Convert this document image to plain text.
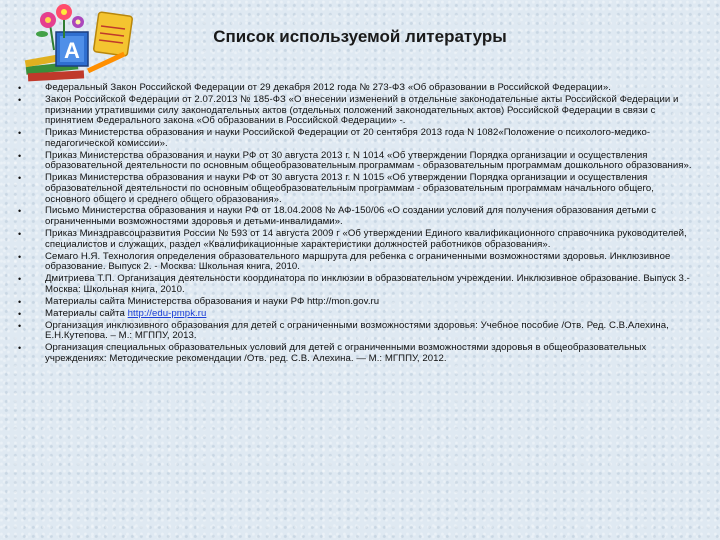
А
Список используемой литературы
• Федеральный Закон Российской Федерации от 29 декабря 2012 года № 273-ФЗ «Об образовании в Российской Федерации».
• Закон Российской Федерации от 2.07.2013 № 185-ФЗ «О внесении изменений в отдельные законодательные акты Российской Федерации и признании утратившими силу законодательных актов (отдельных положений законодательных актов) Российской Федерации в связи с принятием Федерального закона «Об образовании в Российской Федерации» -.
• Приказ Министерства образования и науки Российской Федерации от 20 сентября 2013 года N 1082«Положение о психолого-медико-педагогической комиссии».
• Приказ Министерства образования и науки РФ от 30 августа 2013 г. N 1014 «Об утверждении Порядка организации и осуществления образовательной деятельности по основным общеобразовательным программам - образовательным программам дошкольного образования».
• Приказ Министерства образования и науки РФ от 30 августа 2013 г. N 1015 «Об утверждении Порядка организации и осуществления образовательной деятельности по основным общеобразовательным программам - образовательным программам начального общего, основного общего и среднего общего образования».
• Письмо Министерства образования и науки РФ от 18.04.2008 № АФ-150/06 «О создании условий для получения образования детьми с ограниченными возможностями здоровья и детьми-инвалидами».
• Приказ Минздравсоцразвития России № 593 от 14 августа 2009 г «Об утверждении Единого квалификационного справочника руководителей, специалистов и служащих, раздел «Квалификационные характеристики должностей работников образования».
• Семаго Н.Я. Технология определения образовательного маршрута для ребенка с ограниченными возможностями здоровья. Инклюзивное образование. Выпуск 2. - Москва: Школьная книга, 2010.
• Дмитриева Т.П. Организация деятельности координатора по инклюзии в образовательном учреждении. Инклюзивное образование. Выпуск 3.- Москва: Школьная книга, 2010.
• Материалы сайта Министерства образования и науки РФ http://mon.gov.ru
• Материалы сайта http://edu-pmpk.ru
• Организация инклюзивного образования для детей с ограниченными возможностями здоровья: Учебное пособие /Отв. Ред. С.В.Алехина, Е.Н.Кутепова. – М.: МГППУ, 2013.
• Организация специальных образовательных условий для детей с ограниченными возможностями здоровья в общеобразовательных учреждениях: Методические рекомендации /Отв. ред. С.В. Алехина. — М.: МГППУ, 2012.
